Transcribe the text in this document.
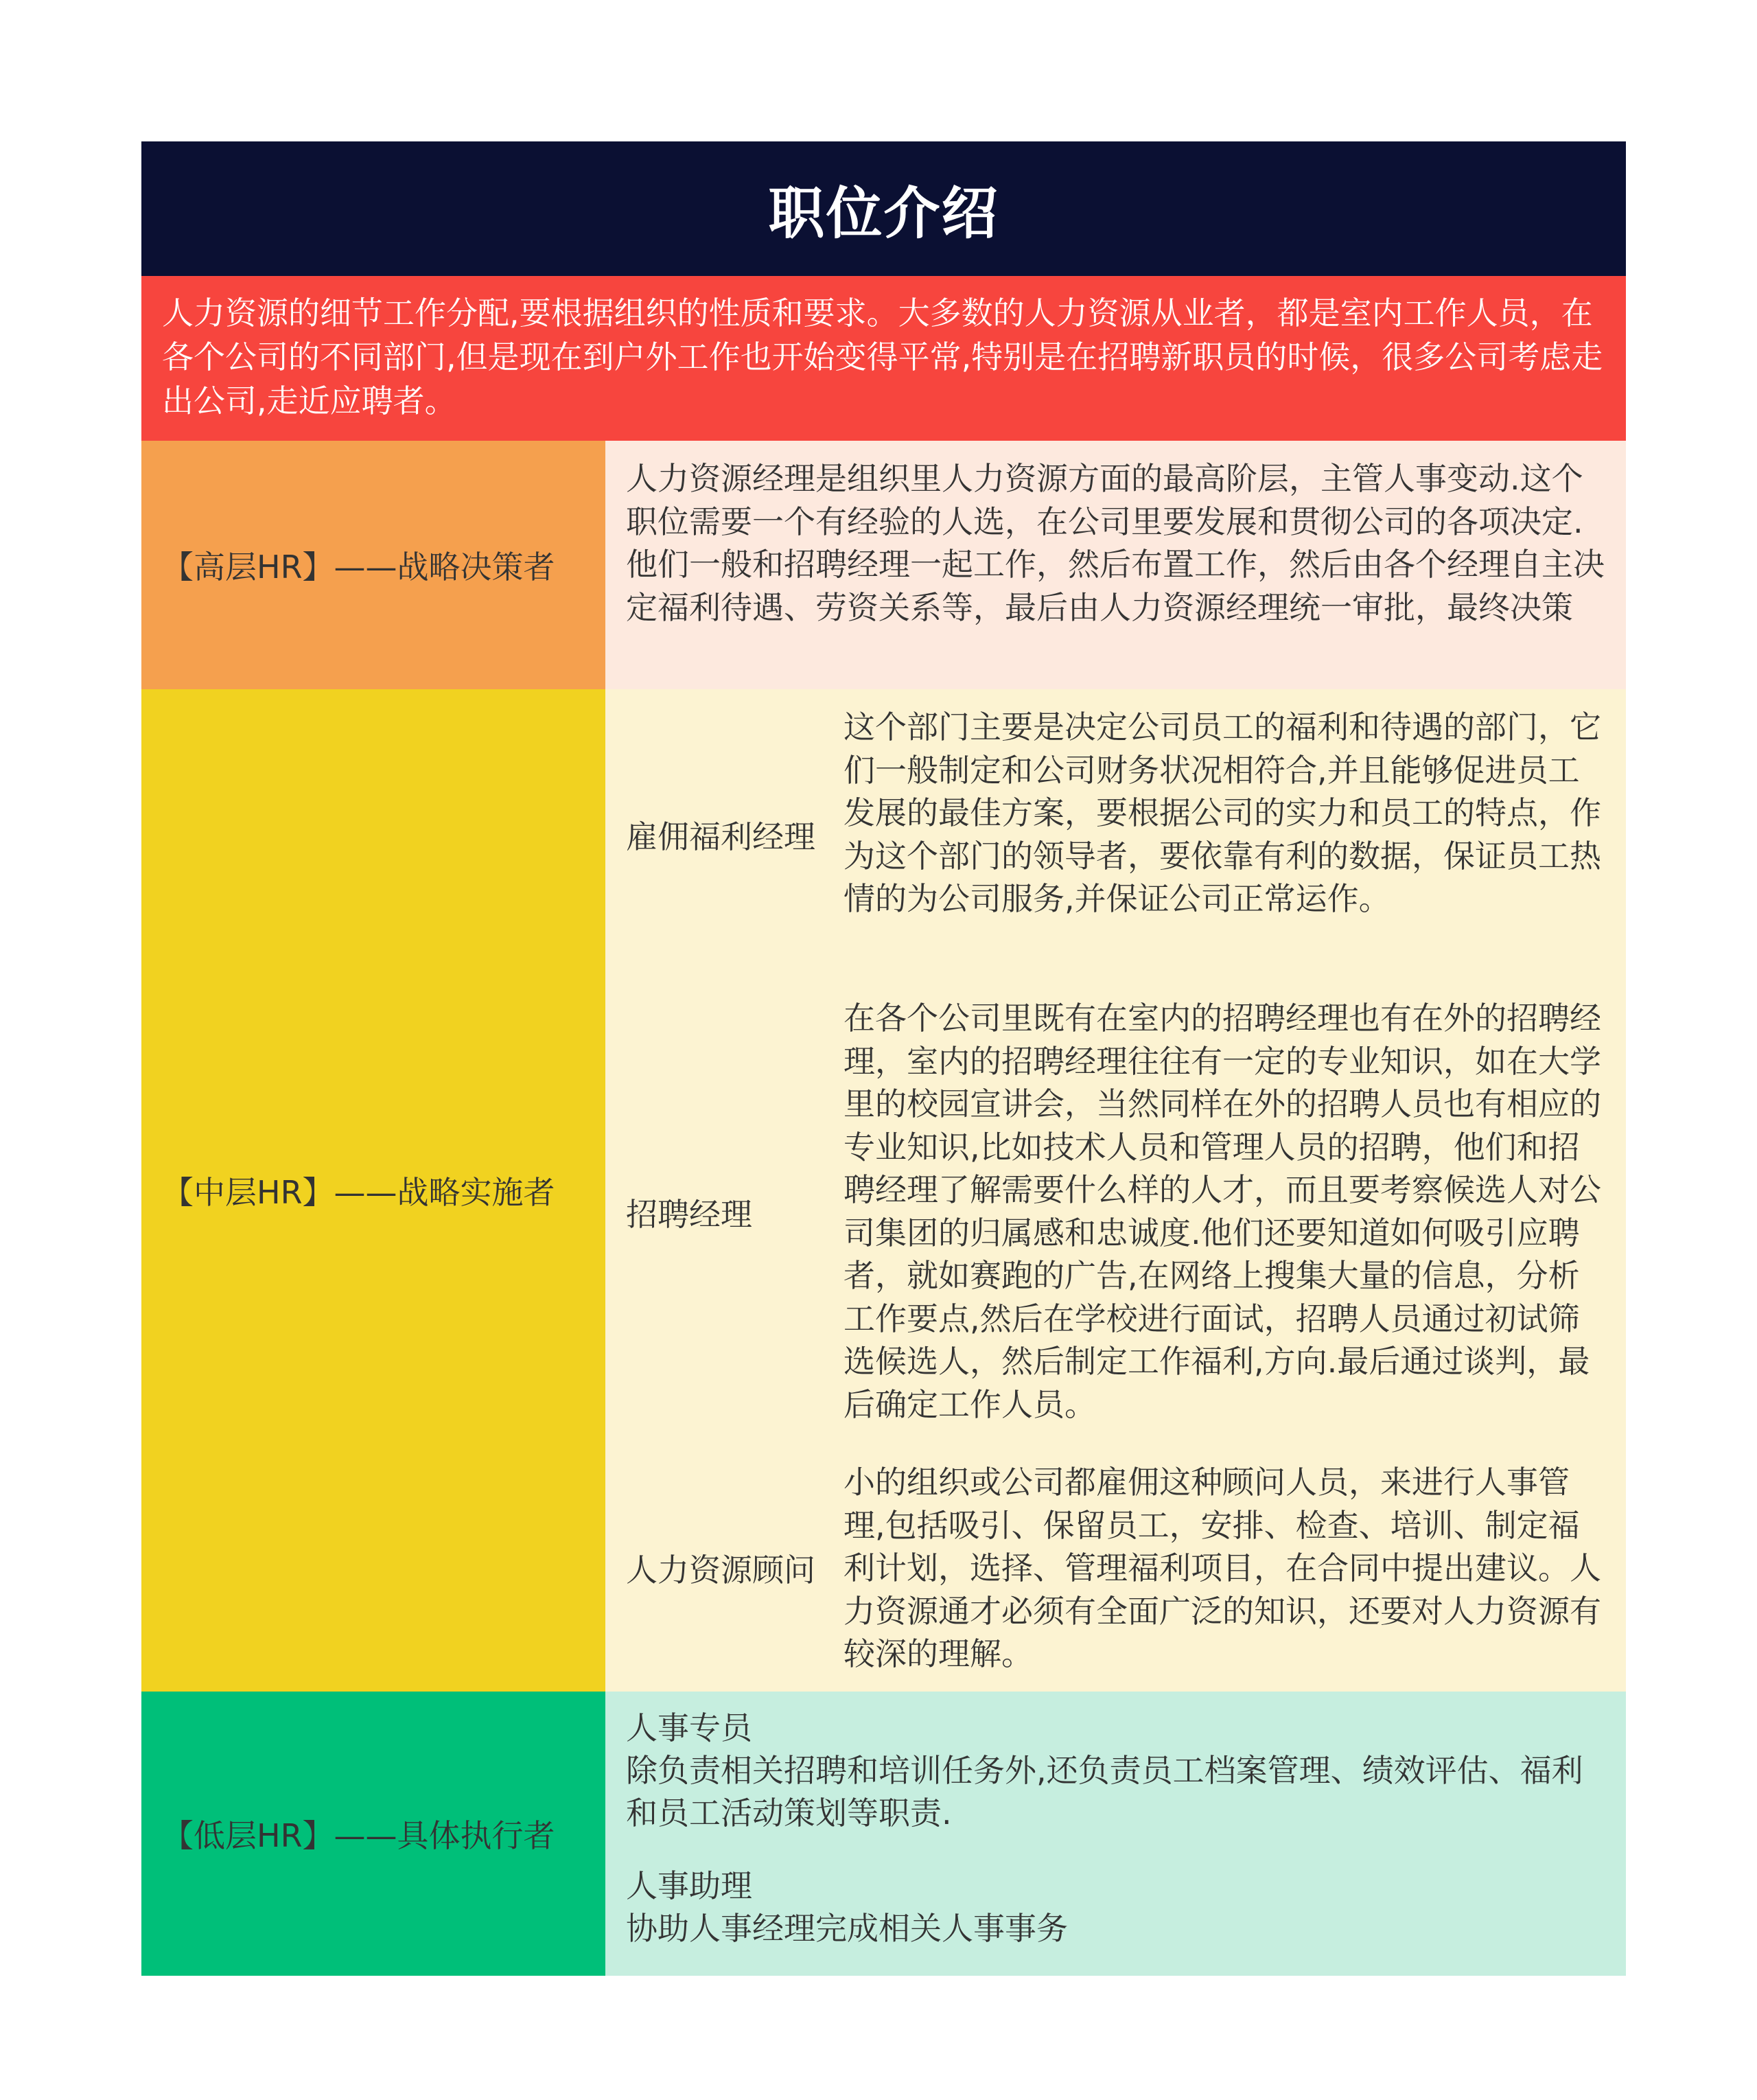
职位介绍
人力资源的细节工作分配,要根据组织的性质和要求。大多数的人力资源从业者，都是室内工作人员，在各个公司的不同部门,但是现在到户外工作也开始变得平常,特别是在招聘新职员的时候，很多公司考虑走出公司,走近应聘者。
【高层HR】——战略决策者
人力资源经理是组织里人力资源方面的最高阶层，主管人事变动.这个职位需要一个有经验的人选，在公司里要发展和贯彻公司的各项决定.他们一般和招聘经理一起工作，然后布置工作，然后由各个经理自主决定福利待遇、劳资关系等，最后由人力资源经理统一审批，最终决策
【中层HR】——战略实施者
雇佣福利经理
这个部门主要是决定公司员工的福利和待遇的部门，它们一般制定和公司财务状况相符合,并且能够促进员工发展的最佳方案，要根据公司的实力和员工的特点，作为这个部门的领导者，要依靠有利的数据，保证员工热情的为公司服务,并保证公司正常运作。
招聘经理
在各个公司里既有在室内的招聘经理也有在外的招聘经理，室内的招聘经理往往有一定的专业知识，如在大学里的校园宣讲会，当然同样在外的招聘人员也有相应的专业知识,比如技术人员和管理人员的招聘，他们和招聘经理了解需要什么样的人才，而且要考察候选人对公司集团的归属感和忠诚度.他们还要知道如何吸引应聘者，就如赛跑的广告,在网络上搜集大量的信息，分析工作要点,然后在学校进行面试，招聘人员通过初试筛选候选人，然后制定工作福利,方向.最后通过谈判，最后确定工作人员。
人力资源顾问
小的组织或公司都雇佣这种顾问人员，来进行人事管理,包括吸引、保留员工，安排、检查、培训、制定福利计划，选择、管理福利项目，在合同中提出建议。人力资源通才必须有全面广泛的知识，还要对人力资源有较深的理解。
【低层HR】——具体执行者
人事专员
除负责相关招聘和培训任务外,还负责员工档案管理、绩效评估、福利和员工活动策划等职责.
人事助理
协助人事经理完成相关人事事务
